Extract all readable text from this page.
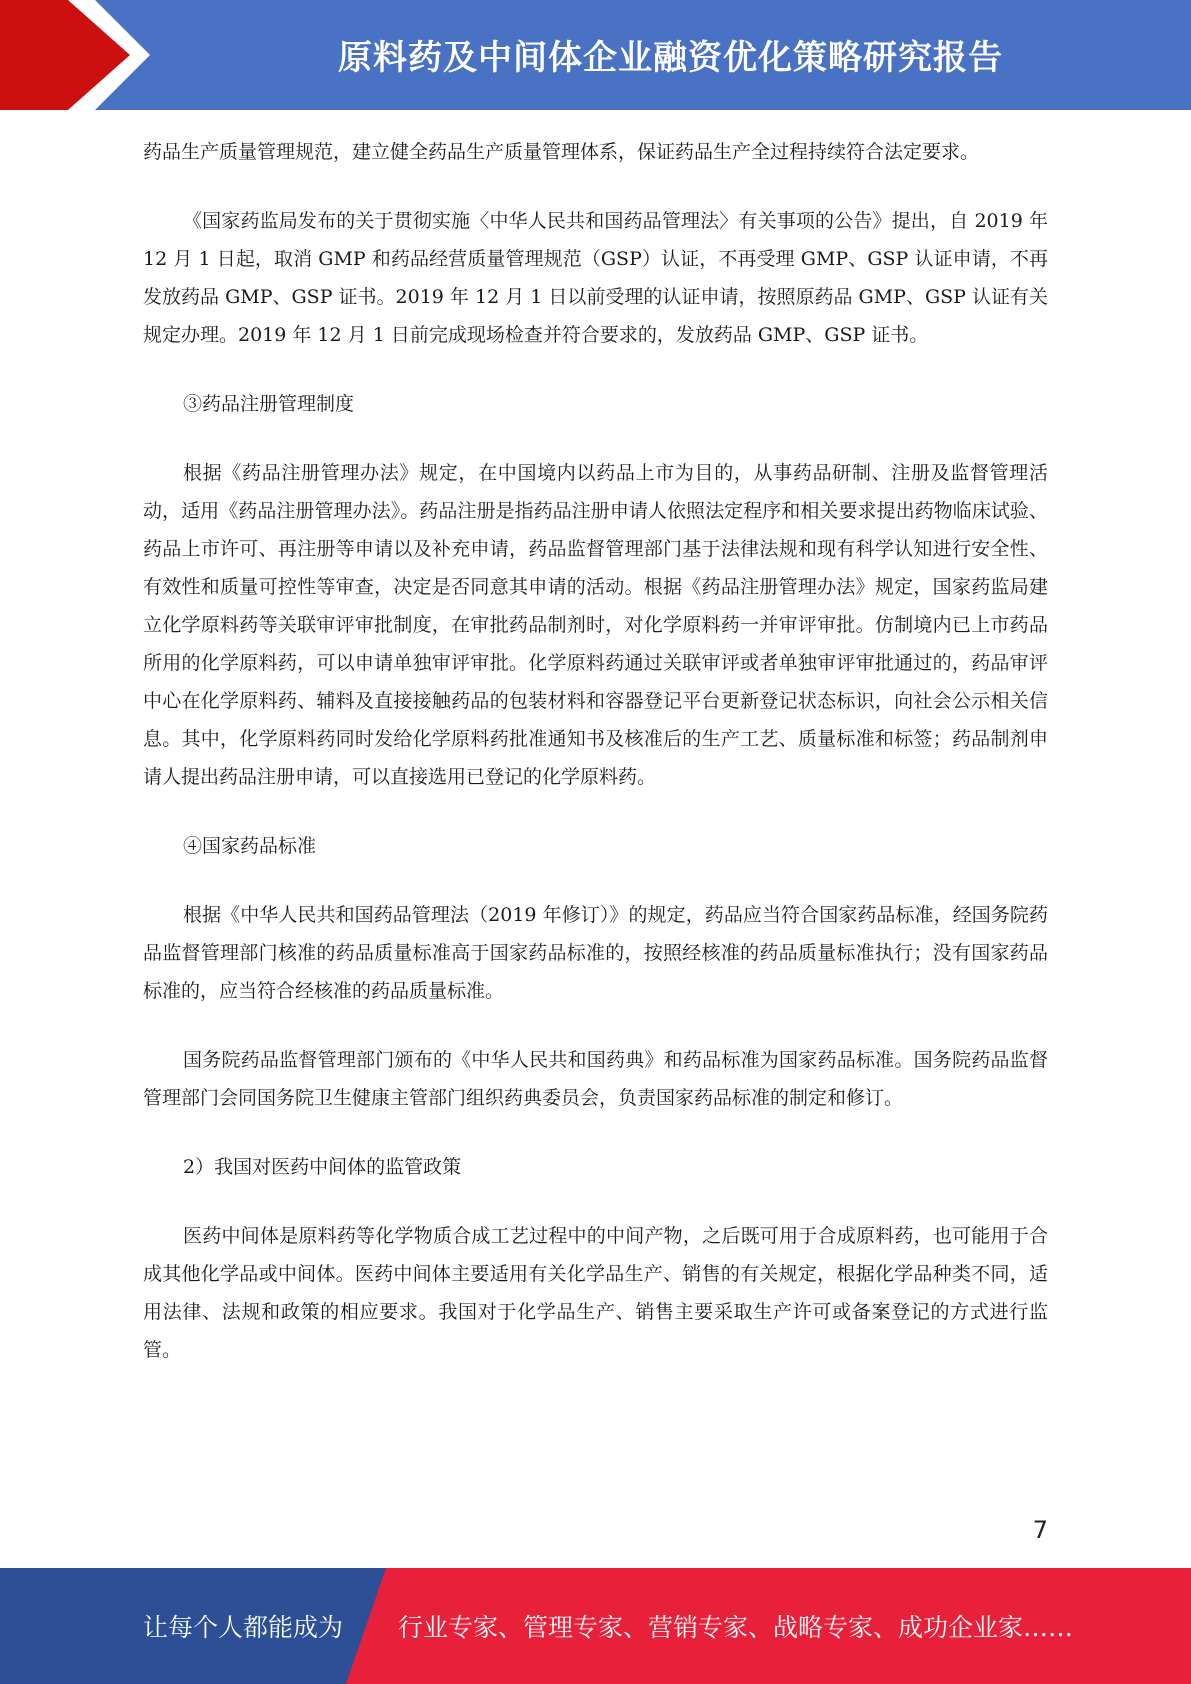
原料药及中间体企业融资优化策略研究报告

药品生产质量管理规范，建立健全药品生产质量管理体系，保证药品生产全过程持续符合法定要求。

《国家药监局发布的关于贯彻实施〈中华人民共和国药品管理法〉有关事项的公告》提出，自 2019 年 12 月 1 日起，取消 GMP 和药品经营质量管理规范（GSP）认证，不再受理 GMP、GSP 认证申请，不再发放药品 GMP、GSP 证书。2019 年 12 月 1 日以前受理的认证申请，按照原药品 GMP、GSP 认证有关规定办理。2019 年 12 月 1 日前完成现场检查并符合要求的，发放药品 GMP、GSP 证书。

③药品注册管理制度

根据《药品注册管理办法》规定，在中国境内以药品上市为目的，从事药品研制、注册及监督管理活动，适用《药品注册管理办法》。药品注册是指药品注册申请人依照法定程序和相关要求提出药物临床试验、药品上市许可、再注册等申请以及补充申请，药品监督管理部门基于法律法规和现有科学认知进行安全性、有效性和质量可控性等审查，决定是否同意其申请的活动。根据《药品注册管理办法》规定，国家药监局建立化学原料药等关联审评审批制度，在审批药品制剂时，对化学原料药一并审评审批。仿制境内已上市药品所用的化学原料药，可以申请单独审评审批。化学原料药通过关联审评或者单独审评审批通过的，药品审评中心在化学原料药、辅料及直接接触药品的包装材料和容器登记平台更新登记状态标识，向社会公示相关信息。其中，化学原料药同时发给化学原料药批准通知书及核准后的生产工艺、质量标准和标签；药品制剂申请人提出药品注册申请，可以直接选用已登记的化学原料药。

④国家药品标准

根据《中华人民共和国药品管理法（2019 年修订）》的规定，药品应当符合国家药品标准，经国务院药品监督管理部门核准的药品质量标准高于国家药品标准的，按照经核准的药品质量标准执行；没有国家药品标准的，应当符合经核准的药品质量标准。

国务院药品监督管理部门颁布的《中华人民共和国药典》和药品标准为国家药品标准。国务院药品监督管理部门会同国务院卫生健康主管部门组织药典委员会，负责国家药品标准的制定和修订。

2）我国对医药中间体的监管政策

医药中间体是原料药等化学物质合成工艺过程中的中间产物，之后既可用于合成原料药，也可能用于合成其他化学品或中间体。医药中间体主要适用有关化学品生产、销售的有关规定，根据化学品种类不同，适用法律、法规和政策的相应要求。我国对于化学品生产、销售主要采取生产许可或备案登记的方式进行监管。

7
让每个人都能成为 行业专家、管理专家、营销专家、战略专家、成功企业家……
